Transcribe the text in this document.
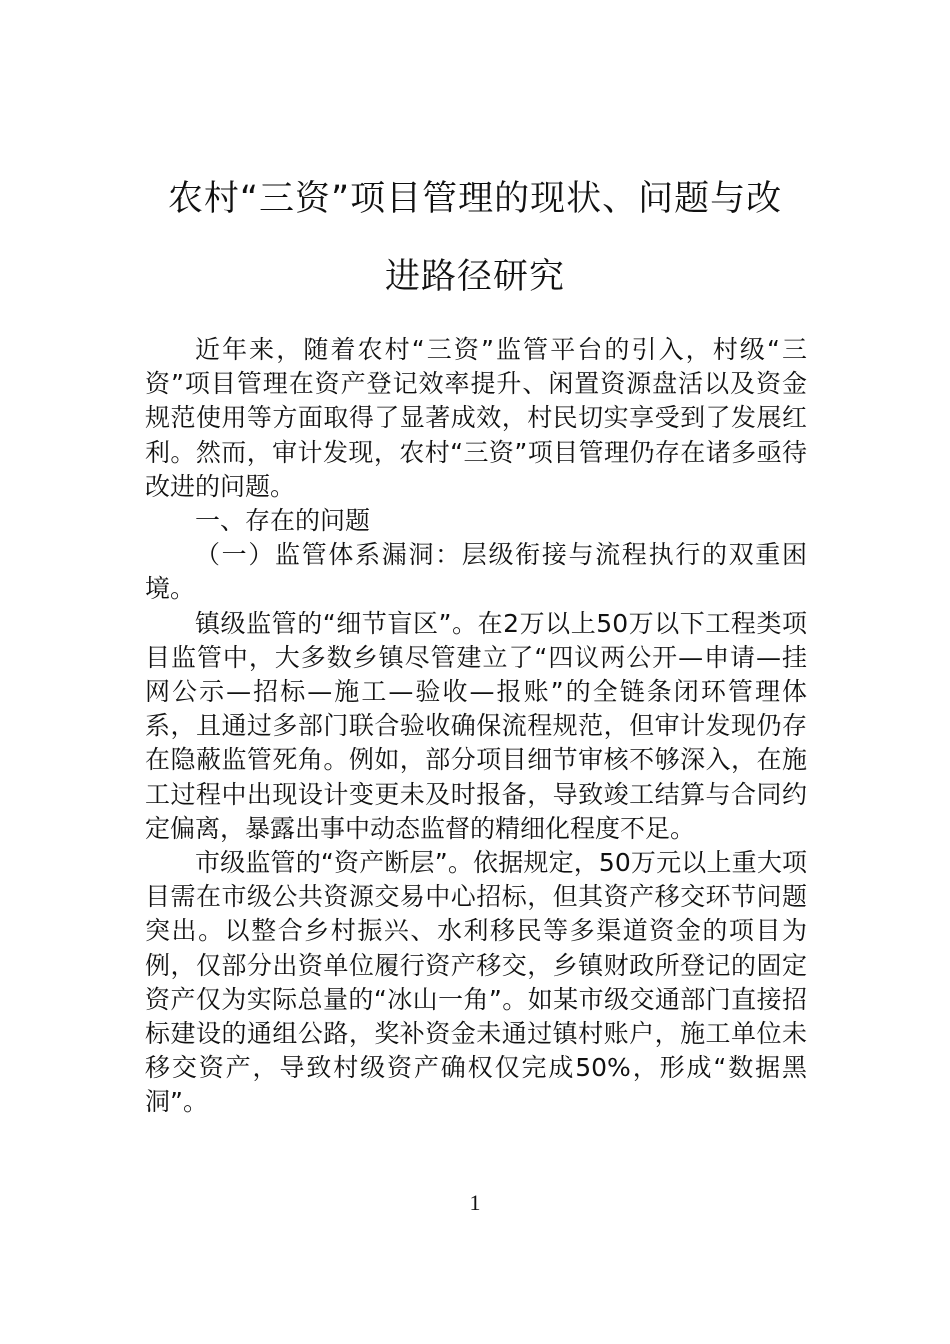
农村“三资”项目管理的现状、问题与改
进路径研究

近年来，随着农村“三资”监管平台的引入，村级“三资”项目管理在资产登记效率提升、闲置资源盘活以及资金规范使用等方面取得了显著成效，村民切实享受到了发展红利。然而，审计发现，农村“三资”项目管理仍存在诸多亟待改进的问题。

一、存在的问题

（一）监管体系漏洞：层级衔接与流程执行的双重困境。

镇级监管的“细节盲区”。在2万以上50万以下工程类项目监管中，大多数乡镇尽管建立了“四议两公开—申请—挂网公示—招标—施工—验收—报账”的全链条闭环管理体系，且通过多部门联合验收确保流程规范，但审计发现仍存在隐蔽监管死角。例如，部分项目细节审核不够深入，在施工过程中出现设计变更未及时报备，导致竣工结算与合同约定偏离，暴露出事中动态监督的精细化程度不足。

市级监管的“资产断层”。依据规定，50万元以上重大项目需在市级公共资源交易中心招标，但其资产移交环节问题突出。以整合乡村振兴、水利移民等多渠道资金的项目为例，仅部分出资单位履行资产移交，乡镇财政所登记的固定资产仅为实际总量的“冰山一角”。如某市级交通部门直接招标建设的通组公路，奖补资金未通过镇村账户，施工单位未移交资产，导致村级资产确权仅完成50%，形成“数据黑洞”。

1
